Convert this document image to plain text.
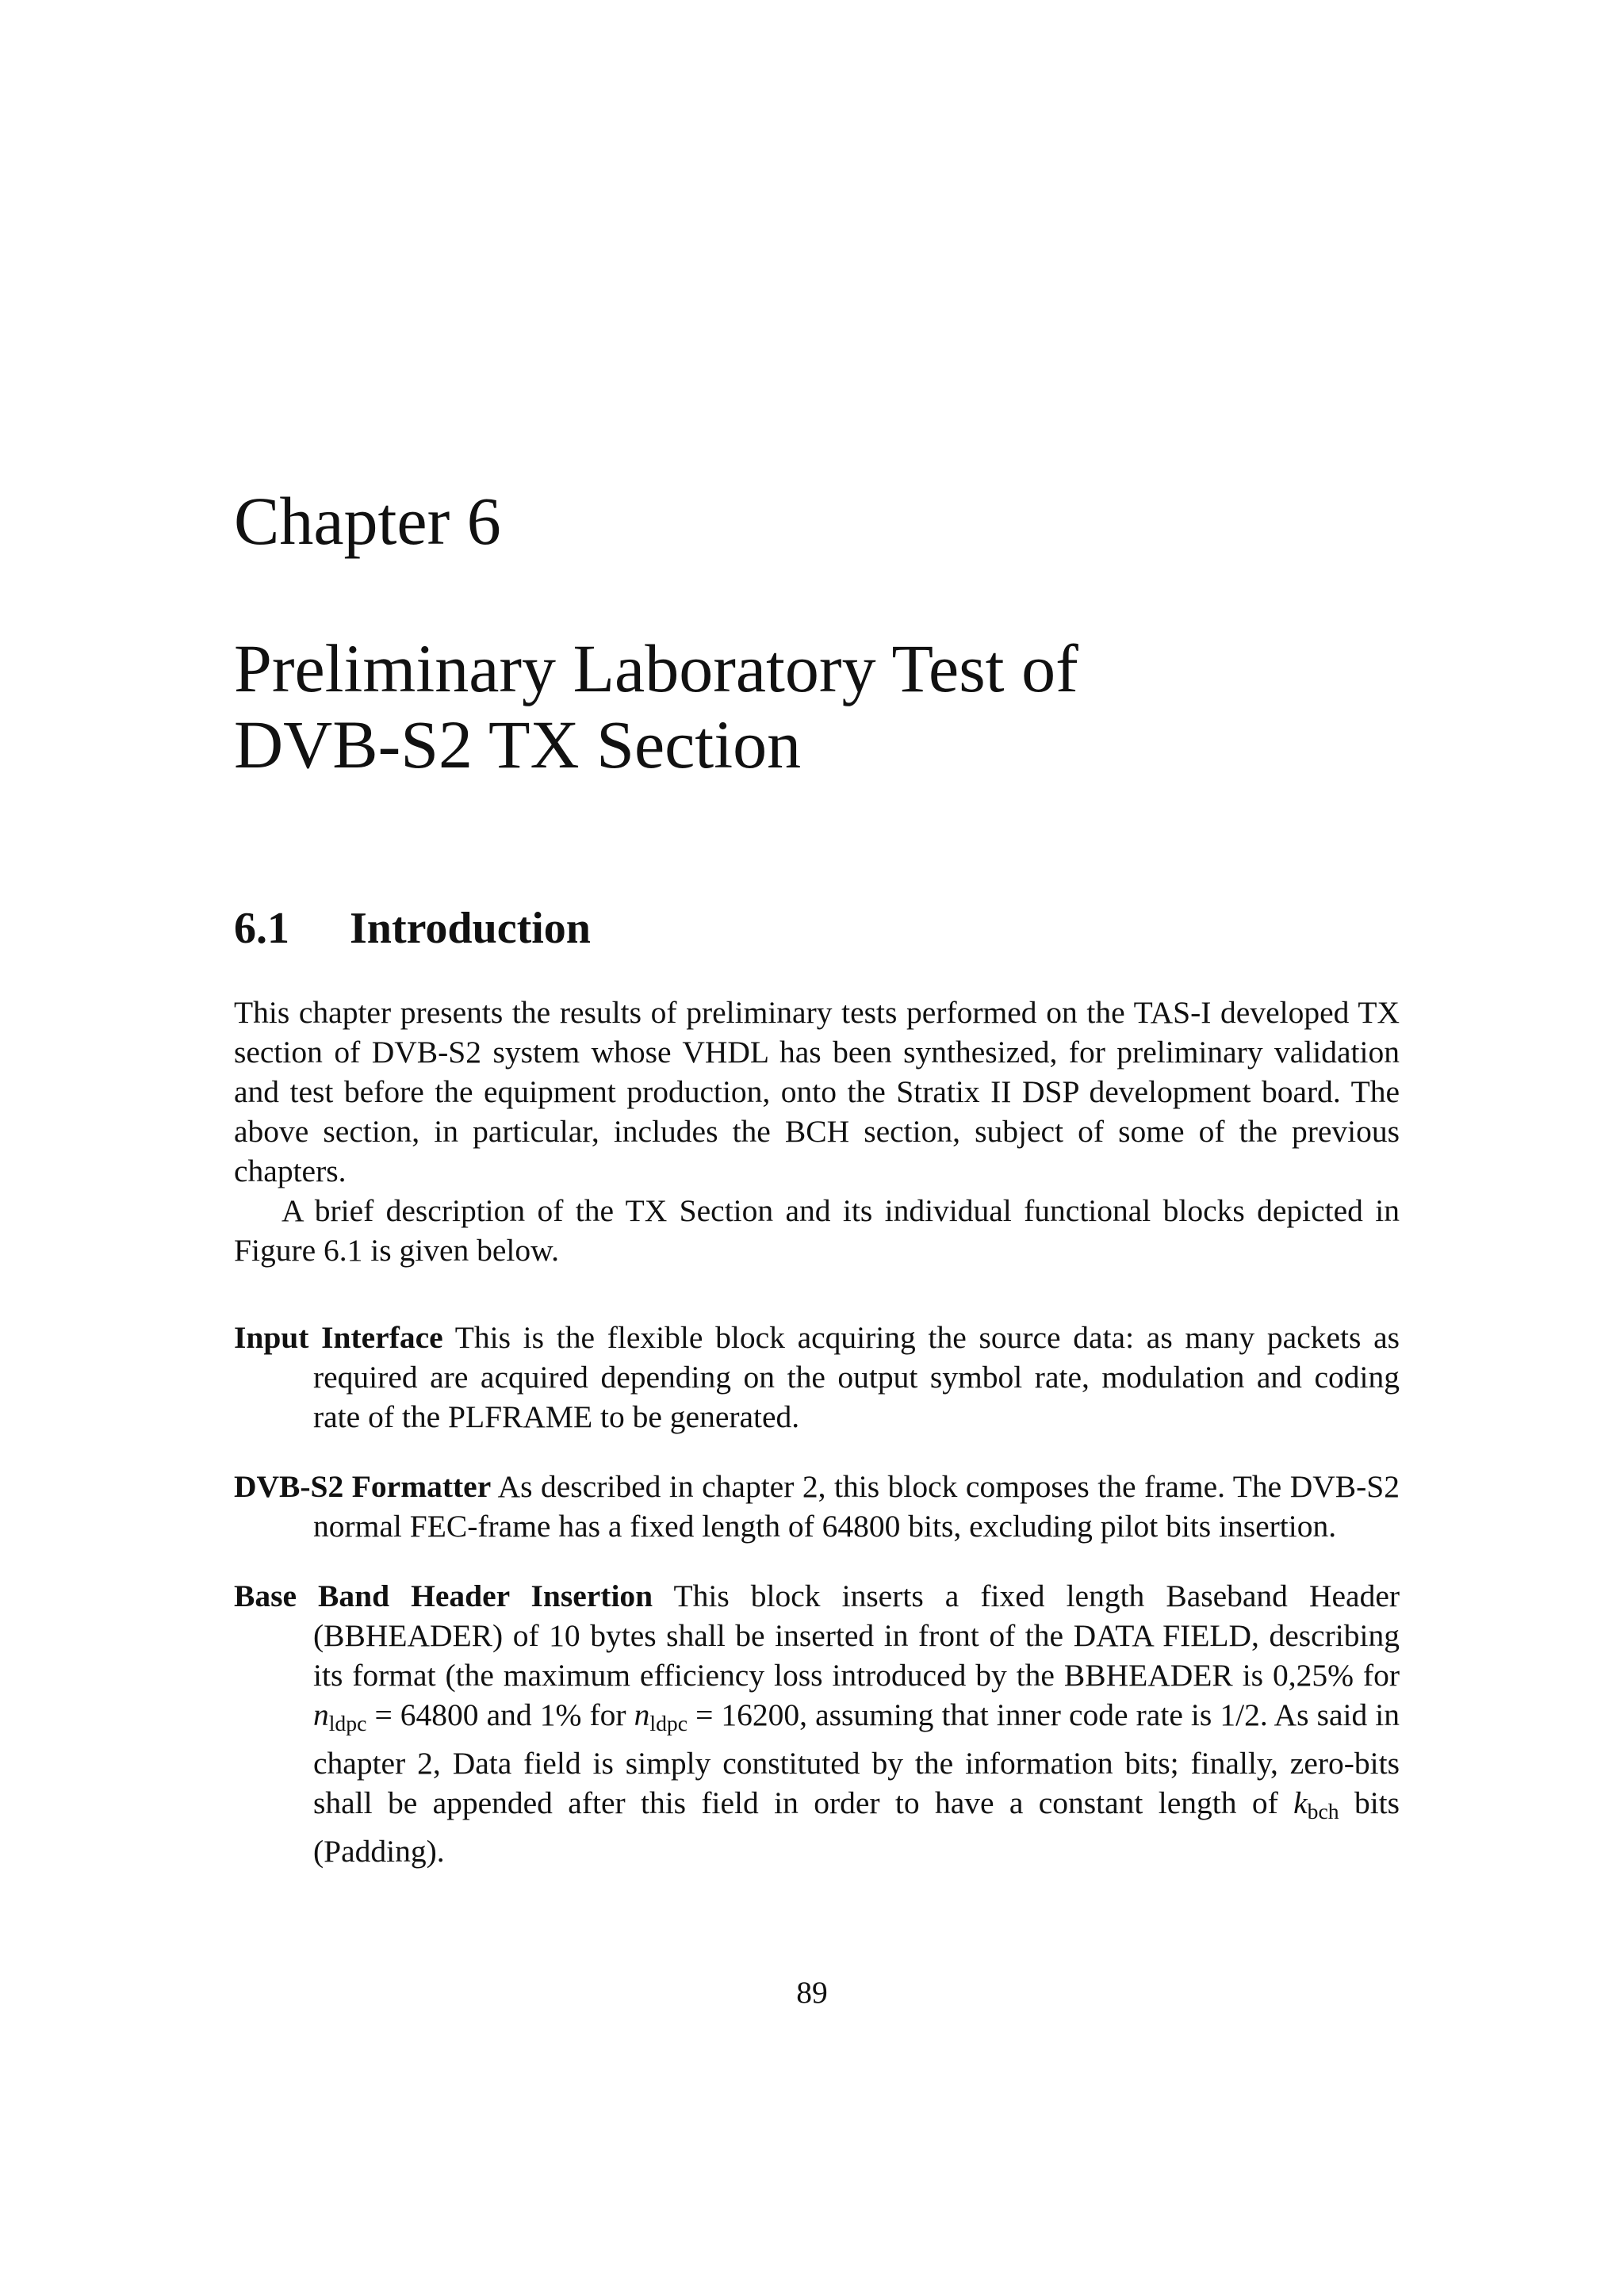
Chapter 6
Preliminary Laboratory Test of
DVB-S2 TX Section
6.1 Introduction

This chapter presents the results of preliminary tests performed on the TAS-I developed TX section of DVB-S2 system whose VHDL has been synthesized, for preliminary validation and test before the equipment production, onto the Stratix II DSP development board. The above section, in particular, includes the BCH section, subject of some of the previous chapters.

A brief description of the TX Section and its individual functional blocks depicted in Figure 6.1 is given below.

Input Interface This is the flexible block acquiring the source data: as many packets as required are acquired depending on the output symbol rate, modulation and coding rate of the PLFRAME to be generated.

DVB-S2 Formatter As described in chapter 2, this block composes the frame. The DVB-S2 normal FEC-frame has a fixed length of 64800 bits, excluding pilot bits insertion.

Base Band Header Insertion This block inserts a fixed length Baseband Header (BBHEADER) of 10 bytes shall be inserted in front of the DATA FIELD, describing its format (the maximum efficiency loss introduced by the BBHEADER is 0,25% for $n_{ldpc} = 64800$ and 1% for $n_{ldpc} = 16200$, assuming that inner code rate is 1/2. As said in chapter 2, Data field is simply constituted by the information bits; finally, zero-bits shall be appended after this field in order to have a constant length of $k_{bch}$ bits (Padding).

89
